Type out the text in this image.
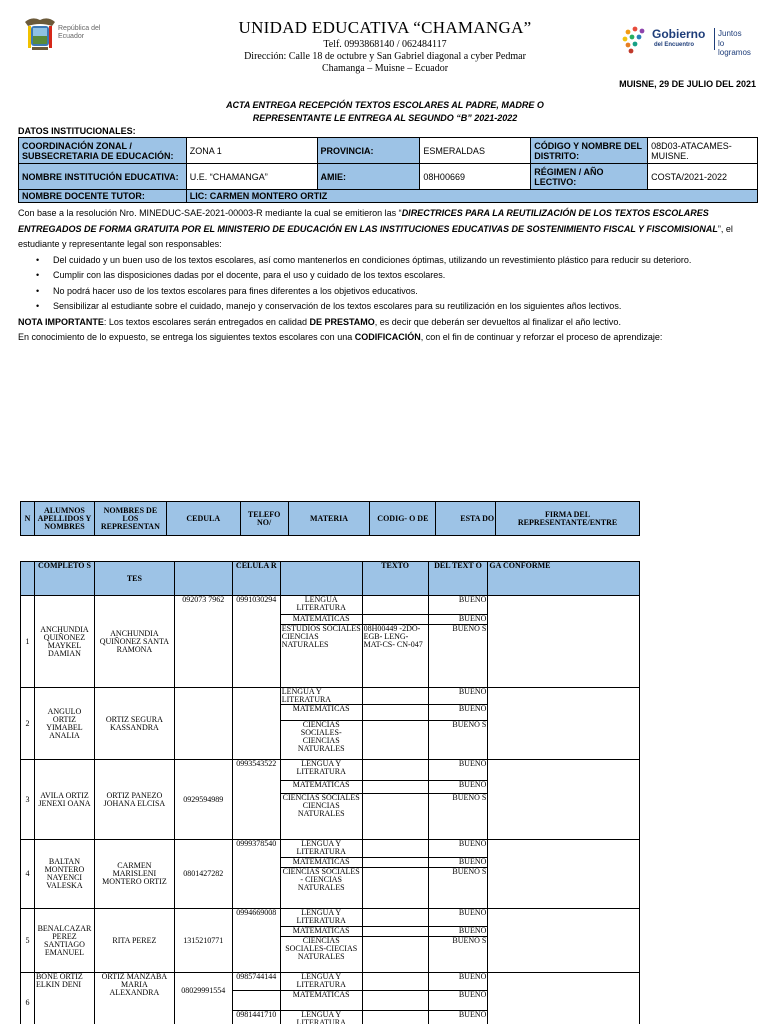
República del Ecuador	UNIDAD EDUCATIVA “CHAMANGA”
Telf. 0993868140 / 062484117
Dirección: Calle 18 de octubre y San Gabriel diagonal a cyber Pedmar
Chamanga – Muisne – Ecuador
Gobierno
del Encuentro
Juntos
lo logramos
MUISNE, 29 DE JULIO DEL 2021
ACTA ENTREGA RECEPCIÓN TEXTOS ESCOLARES AL PADRE, MADRE O
REPRESENTANTE LE ENTREGA AL SEGUNDO “B” 2021-2022
DATOS INSTITUCIONALES:
COORDINACIÓN ZONAL / SUBSECRETARIA DE EDUCACIÓN:	ZONA 1	PROVINCIA:	ESMERALDAS	CÓDIGO Y NOMBRE DEL DISTRITO:	08D03-ATACAMES-MUISNE.
NOMBRE INSTITUCIÓN EDUCATIVA:	U.E. “CHAMANGA”	AMIE:	08H00669	RÉGIMEN / AÑO LECTIVO:	COSTA/2021-2022
NOMBRE DOCENTE TUTOR:	LIC: CARMEN MONTERO ORTIZ				

Con base a la resolución Nro. MINEDUC-SAE-2021-00003-R mediante la cual se emitieron las “DIRECTRICES PARA LA REUTILIZACIÓN DE LOS TEXTOS ESCOLARES ENTREGADOS DE FORMA GRATUITA POR EL MINISTERIO DE EDUCACIÓN EN LAS INSTITUCIONES EDUCATIVAS DE SOSTENIMIENTO FISCAL Y FISCOMISIONAL”, el estudiante y representante legal son responsables:

• Del cuidado y un buen uso de los textos escolares, así como mantenerlos en condiciones óptimas, utilizando un revestimiento plástico para reducir su deterioro.
• Cumplir con las disposiciones dadas por el docente, para el uso y cuidado de los textos escolares.
• No podrá hacer uso de los textos escolares para fines diferentes a los objetivos educativos.
• Sensibilizar al estudiante sobre el cuidado, manejo y conservación de los textos escolares para su reutilización en los siguientes años lectivos.

NOTA IMPORTANTE: Los textos escolares serán entregados en calidad DE PRESTAMO, es decir que deberán ser devueltos al finalizar el año lectivo.

En conocimiento de lo expuesto, se entrega los siguientes textos escolares con una CODIFICACIÓN, con el fin de continuar y reforzar el proceso de aprendizaje:

N	ALUMNOS APELLIDOS Y NOMBRES	NOMBRES DE LOS REPRESENTAN	CEDULA	TELEFO NO/	MATERIA	CODIG- O DE	ESTA DO	FIRMA DEL REPRESENTANTE/ENTRE
	COMPLETO S	TES		CELULA R		TEXTO	DEL TEXT O	GA CONFORME
1	ANCHUNDIA QUIÑONEZ MAYKEL DAMIAN	ANCHUNDIA QUIÑONEZ SANTA RAMONA	092073 7962	0991030294	LENGUA LITERATURA		BUENO	
					MATEMATICAS		BUENO	
					ESTUDIOS SOCIALES CIENCIAS NATURALES	08H00449 -2DO- EGB- LENG- MAT-CS- CN-047	BUENO S	
2	ANGULO ORTIZ YIMABEL ANALIA	ORTIZ SEGURA KASSANDRA			LENGUA Y LITERATURA		BUENO	
					MATEMATICAS		BUENO	
					CIENCIAS SOCIALES- CIENCIAS NATURALES		BUENO S	
3	AVILA ORTIZ JENEXI OANA	ORTIZ PANEZO JOHANA ELCISA	0929594989	0993543522	LENGUA Y LITERATURA		BUENO	
					MATEMATICAS		BUENO	
					CIENCIAS SOCIALES CIENCIAS NATURALES		BUENO S	
4	BALTAN MONTERO NAYENCI VALESKA	CARMEN MARISLENI MONTERO ORTIZ	0801427282	0999378540	LENGUA Y LITERATURA		BUENO	
					MATEMATICAS		BUENO	
					CIENCIAS SOCIALES - CIENCIAS NATURALES		BUENO S	
5	BENALCAZAR PEREZ SANTIAGO EMANUEL	RITA PEREZ	1315210771	0994669008	LENGUA Y LITERATURA		BUENO	
					MATEMATICAS		BUENO	
					CIENCIAS SOCIALES-CIECIAS NATURALES		BUENO S	
6	BONE ORTIZ ELKIN DENI	ORTIZ MANZABA MARIA ALEXANDRA	08029991554	0985744144	LENGUA Y LITERATURA		BUENO	
					MATEMATICAS		BUENO	
				0981441710	LENGUA Y LITERATURA		BUENO	
